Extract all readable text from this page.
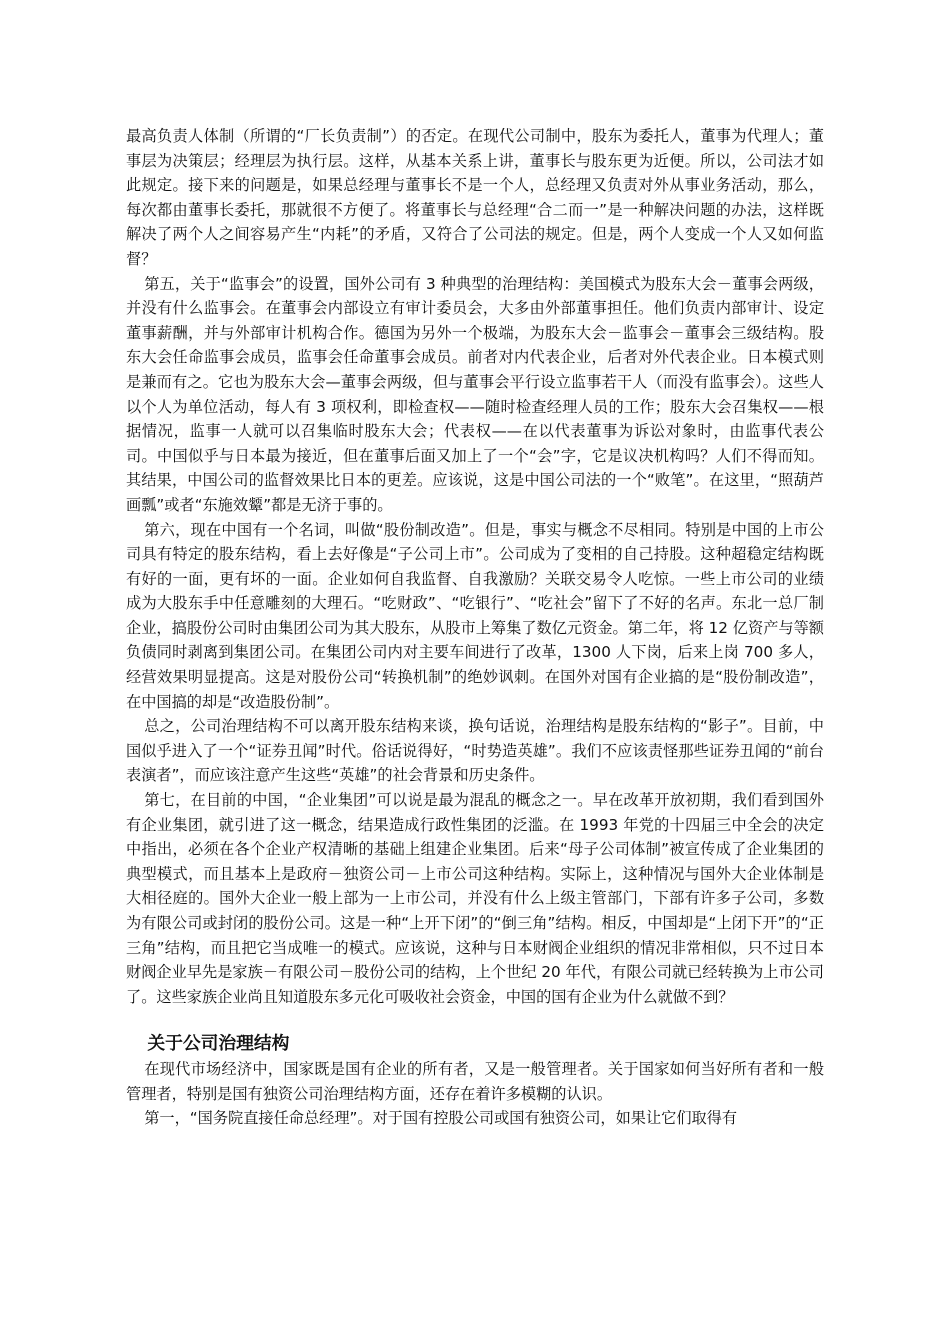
最高负责人体制（所谓的“厂长负责制”）的否定。在现代公司制中，股东为委托人，董事为代理人；董事层为决策层；经理层为执行层。这样，从基本关系上讲，董事长与股东更为近便。所以，公司法才如此规定。接下来的问题是，如果总经理与董事长不是一个人，总经理又负责对外从事业务活动，那么，每次都由董事长委托，那就很不方便了。将董事长与总经理“合二而一”是一种解决问题的办法，这样既解决了两个人之间容易产生“内耗”的矛盾，又符合了公司法的规定。但是，两个人变成一个人又如何监督？

第五，关于“监事会”的设置，国外公司有 3 种典型的治理结构：美国模式为股东大会－董事会两级，并没有什么监事会。在董事会内部设立有审计委员会，大多由外部董事担任。他们负责内部审计、设定董事薪酬，并与外部审计机构合作。德国为另外一个极端，为股东大会－监事会－董事会三级结构。股东大会任命监事会成员，监事会任命董事会成员。前者对内代表企业，后者对外代表企业。日本模式则是兼而有之。它也为股东大会—董事会两级，但与董事会平行设立监事若干人（而没有监事会）。这些人以个人为单位活动，每人有 3 项权利，即检查权——随时检查经理人员的工作；股东大会召集权——根据情况，监事一人就可以召集临时股东大会；代表权——在以代表董事为诉讼对象时，由监事代表公司。中国似乎与日本最为接近，但在董事后面又加上了一个“会”字，它是议决机构吗？人们不得而知。其结果，中国公司的监督效果比日本的更差。应该说，这是中国公司法的一个“败笔”。在这里，“照葫芦画瓢”或者“东施效颦”都是无济于事的。

第六，现在中国有一个名词，叫做“股份制改造”。但是，事实与概念不尽相同。特别是中国的上市公司具有特定的股东结构，看上去好像是“子公司上市”。公司成为了变相的自己持股。这种超稳定结构既有好的一面，更有坏的一面。企业如何自我监督、自我激励？关联交易令人吃惊。一些上市公司的业绩成为大股东手中任意雕刻的大理石。“吃财政”、“吃银行”、“吃社会”留下了不好的名声。东北一总厂制企业，搞股份公司时由集团公司为其大股东，从股市上筹集了数亿元资金。第二年，将 12 亿资产与等额负债同时剥离到集团公司。在集团公司内对主要车间进行了改革，1300 人下岗，后来上岗 700 多人，经营效果明显提高。这是对股份公司“转换机制”的绝妙讽刺。在国外对国有企业搞的是“股份制改造”，在中国搞的却是“改造股份制”。

总之，公司治理结构不可以离开股东结构来谈，换句话说，治理结构是股东结构的“影子”。目前，中国似乎进入了一个“证券丑闻”时代。俗话说得好，“时势造英雄”。我们不应该责怪那些证券丑闻的“前台表演者”，而应该注意产生这些“英雄”的社会背景和历史条件。

第七，在目前的中国，“企业集团”可以说是最为混乱的概念之一。早在改革开放初期，我们看到国外有企业集团，就引进了这一概念，结果造成行政性集团的泛滥。在 1993 年党的十四届三中全会的决定中指出，必须在各个企业产权清晰的基础上组建企业集团。后来“母子公司体制”被宣传成了企业集团的典型模式，而且基本上是政府－独资公司－上市公司这种结构。实际上，这种情况与国外大企业体制是大相径庭的。国外大企业一般上部为一上市公司，并没有什么上级主管部门，下部有许多子公司，多数为有限公司或封闭的股份公司。这是一种“上开下闭”的“倒三角”结构。相反，中国却是“上闭下开”的“正三角”结构，而且把它当成唯一的模式。应该说，这种与日本财阀企业组织的情况非常相似，只不过日本财阀企业早先是家族－有限公司－股份公司的结构，上个世纪 20 年代，有限公司就已经转换为上市公司了。这些家族企业尚且知道股东多元化可吸收社会资金，中国的国有企业为什么就做不到？

关于公司治理结构

在现代市场经济中，国家既是国有企业的所有者，又是一般管理者。关于国家如何当好所有者和一般管理者，特别是国有独资公司治理结构方面，还存在着许多模糊的认识。

第一，“国务院直接任命总经理”。对于国有控股公司或国有独资公司，如果让它们取得有
